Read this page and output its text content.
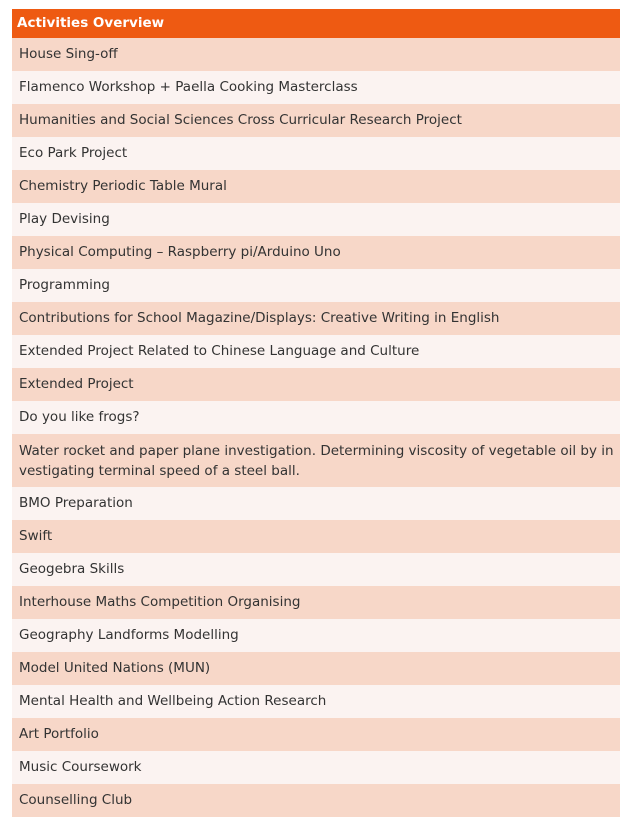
Activities Overview
House Sing-off
Flamenco Workshop + Paella Cooking Masterclass
Humanities and Social Sciences Cross Curricular Research Project
Eco Park Project
Chemistry Periodic Table Mural
Play Devising
Physical Computing – Raspberry pi/Arduino Uno
Programming
Contributions for School Magazine/Displays: Creative Writing in English
Extended Project Related to Chinese Language and Culture
Extended Project
Do you like frogs?
Water rocket and paper plane investigation. Determining viscosity of vegetable oil by investigating terminal speed of a steel ball.
BMO Preparation
Swift
Geogebra Skills
Interhouse Maths Competition Organising
Geography Landforms Modelling
Model United Nations (MUN)
Mental Health and Wellbeing Action Research
Art Portfolio
Music Coursework
Counselling Club
